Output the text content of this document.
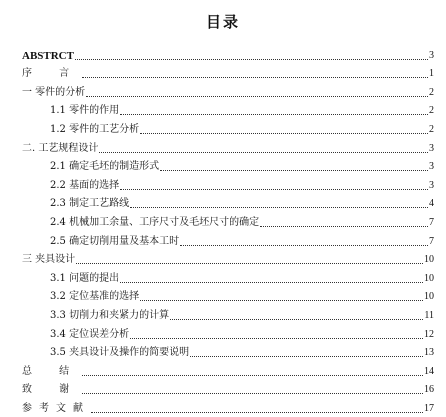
目录
ABSTRCT	3
序 言	1
一 零件的分析	2
1.1 零件的作用	2
1.2 零件的工艺分析	2
二. 工艺规程设计	3
2.1 确定毛坯的制造形式	3
2.2 基面的选择	3
2.3 制定工艺路线	4
2.4 机械加工余量、工序尺寸及毛坯尺寸的确定	7
2.5 确定切削用量及基本工时	7
三 夹具设计	10
3.1 问题的提出	10
3.2 定位基准的选择	10
3.3 切削力和夹紧力的计算	11
3.4 定位误差分析	12
3.5 夹具设计及操作的简要说明	13
总 结	14
致 谢	16
参考文献	17
